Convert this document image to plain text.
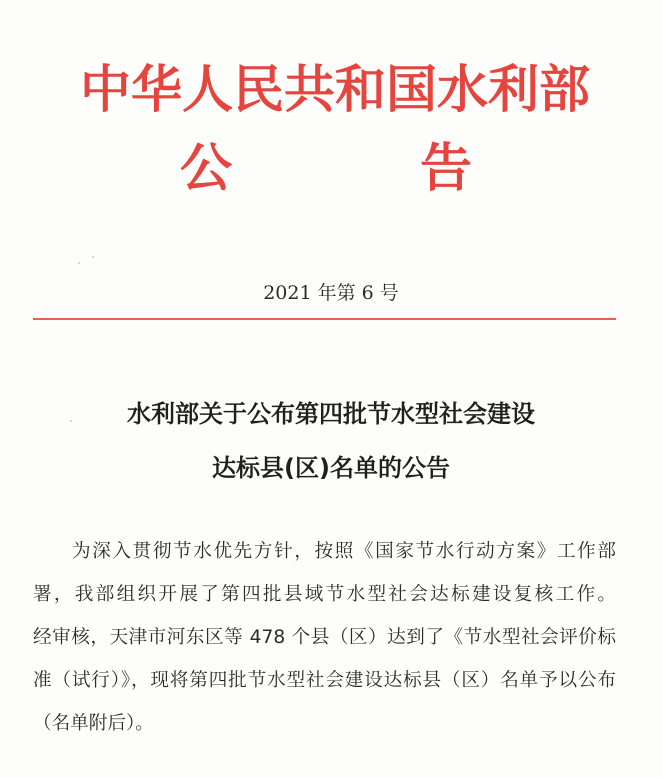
中华人民共和国水利部
公	告
2021 年第 6 号
水利部关于公布第四批节水型社会建设
达标县(区)名单的公告
为深入贯彻节水优先方针，按照《国家节水行动方案》工作部
署，我部组织开展了第四批县域节水型社会达标建设复核工作。
经审核，天津市河东区等 478 个县（区）达到了《节水型社会评价标
准（试行）》，现将第四批节水型社会建设达标县（区）名单予以公布
（名单附后）。
